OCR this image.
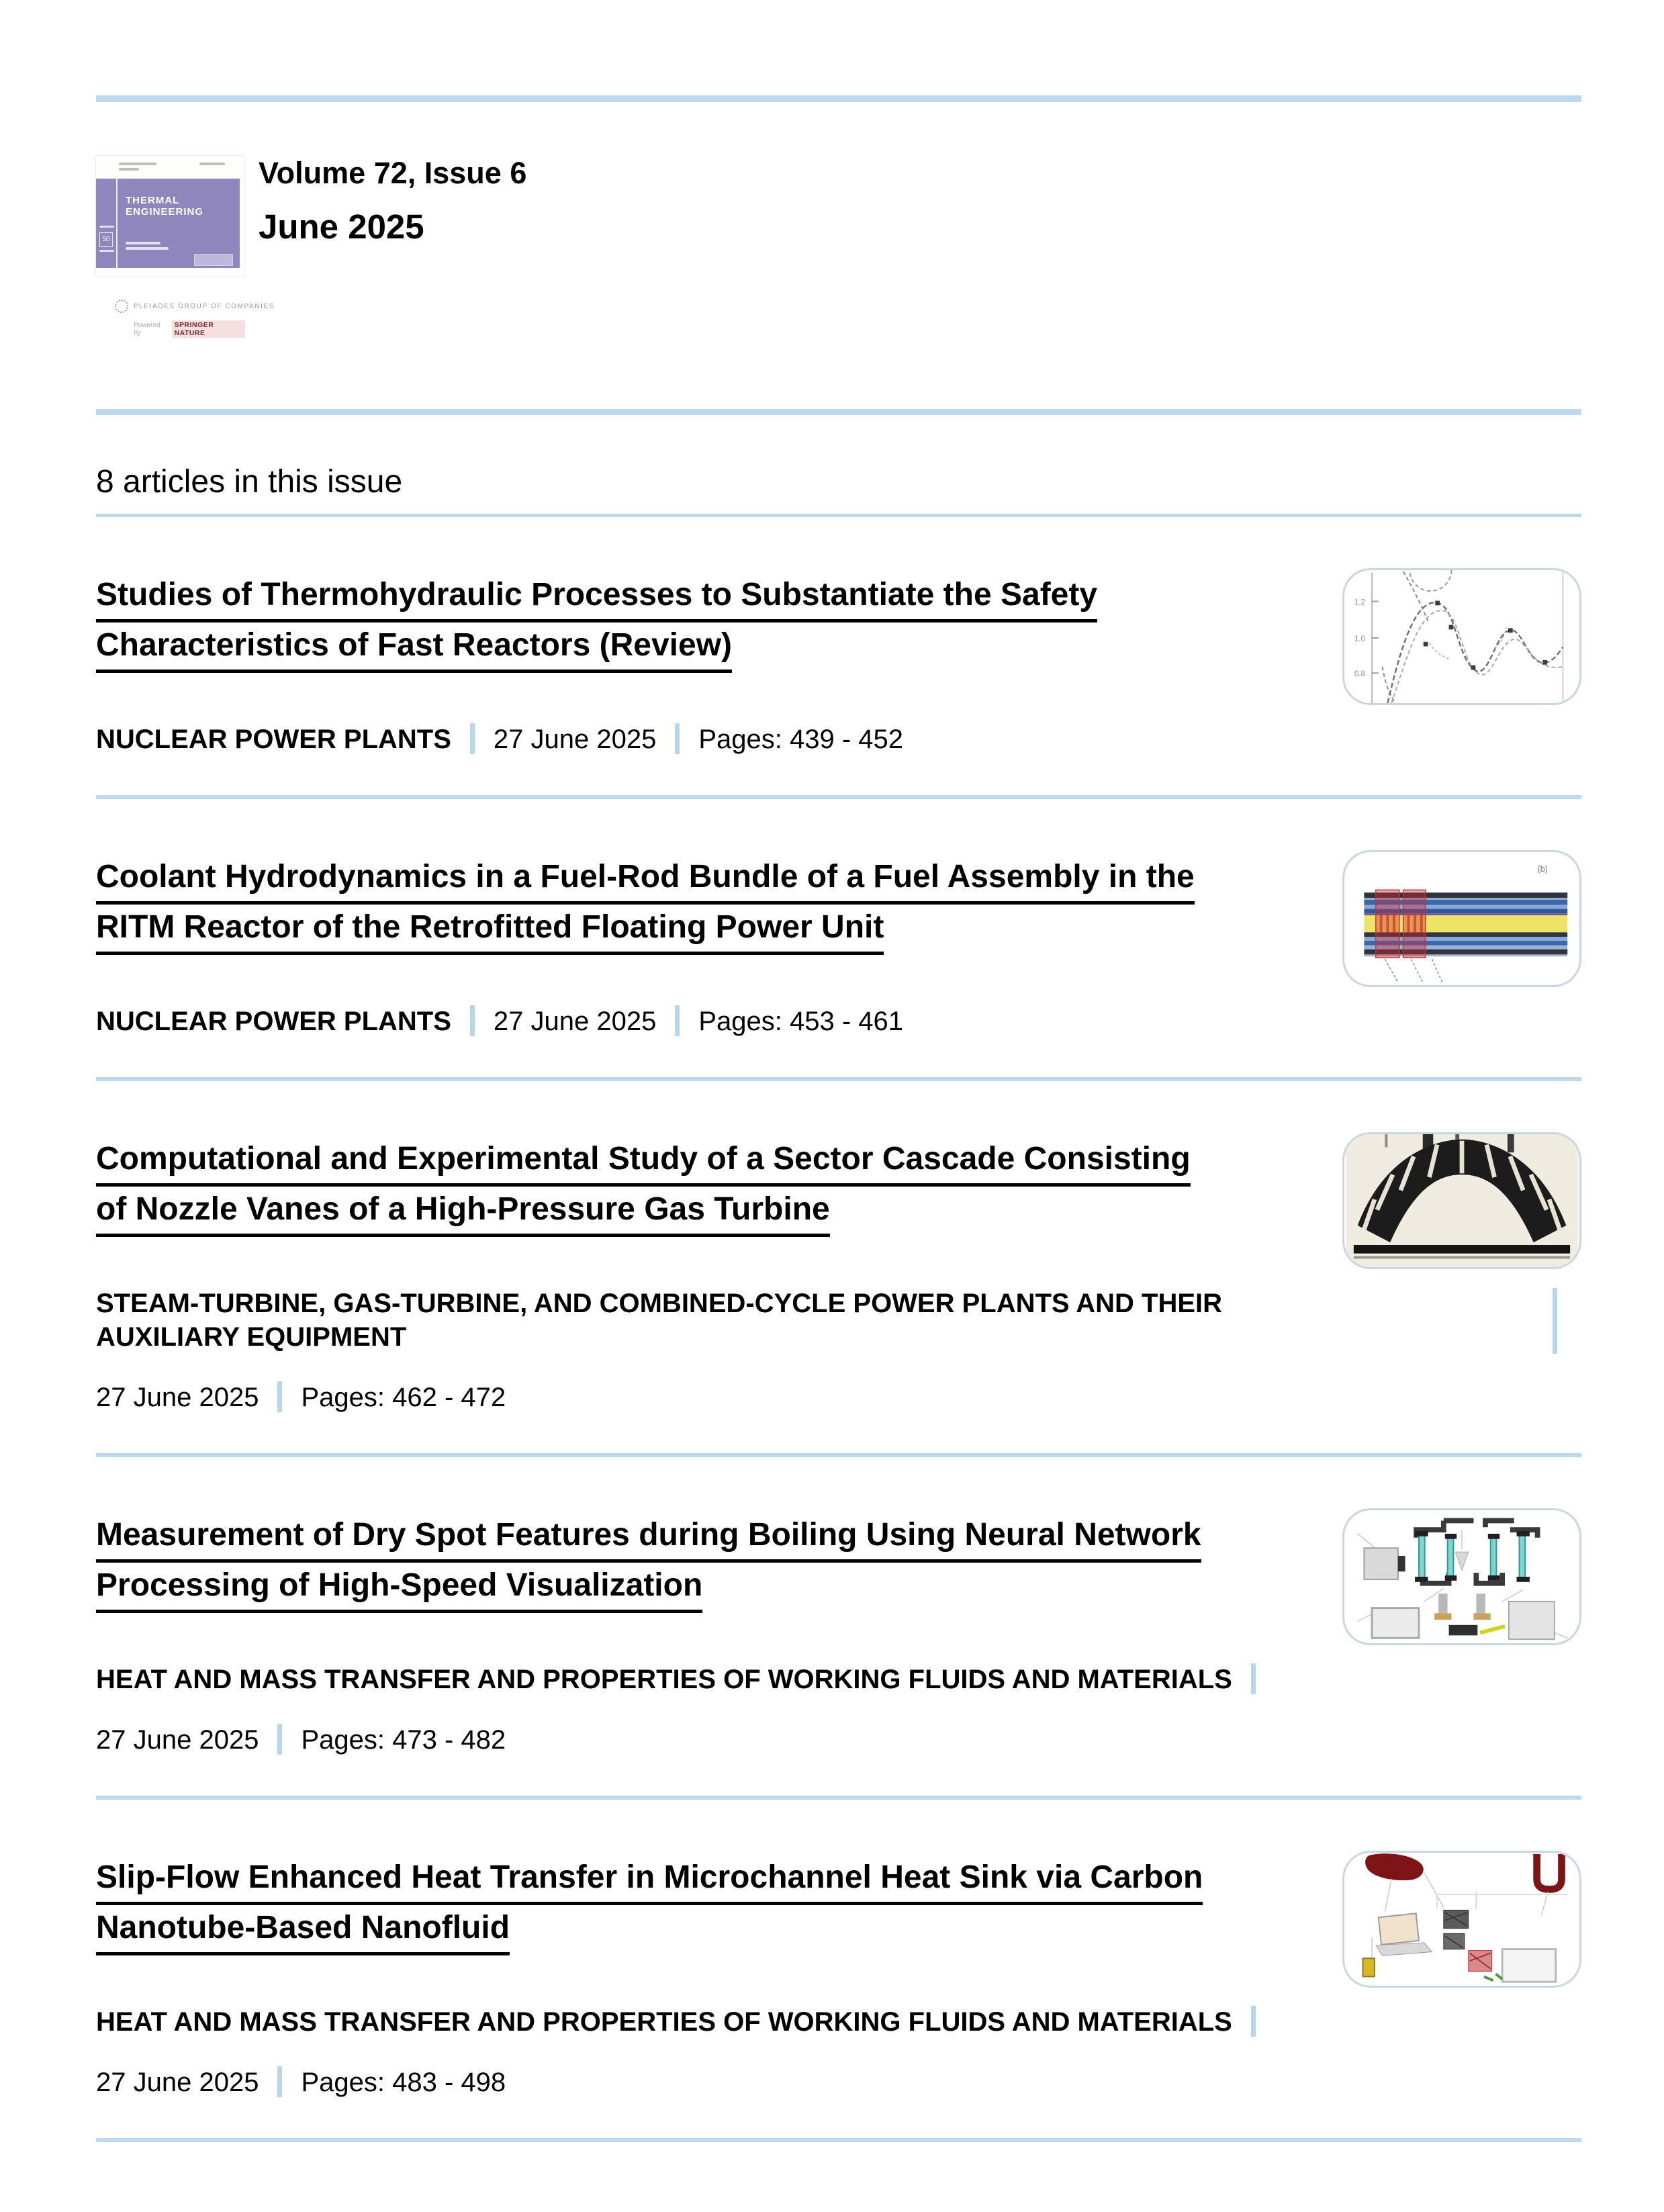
THERMAL ENGINEERING
50
PLEIADES GROUP OF COMPANIES
Powered by
SPRINGER NATURE
Volume 72, Issue 6
June 2025
8 articles in this issue
1.2
1.0
0.8
Studies of Thermohydraulic Processes to Substantiate the Safety
Characteristics of Fast Reactors (Review)
NUCLEAR POWER PLANTS 27 June 2025 Pages: 439 - 452
(b)
Coolant Hydrodynamics in a Fuel-Rod Bundle of a Fuel Assembly in the
RITM Reactor of the Retrofitted Floating Power Unit
NUCLEAR POWER PLANTS 27 June 2025 Pages: 453 - 461
Computational and Experimental Study of a Sector Cascade Consisting
of Nozzle Vanes of a High-Pressure Gas Turbine
STEAM-TURBINE, GAS-TURBINE, AND COMBINED-CYCLE POWER PLANTS AND THEIR AUXILIARY EQUIPMENT
27 June 2025 Pages: 462 - 472
Measurement of Dry Spot Features during Boiling Using Neural Network
Processing of High-Speed Visualization
HEAT AND MASS TRANSFER AND PROPERTIES OF WORKING FLUIDS AND MATERIALS
27 June 2025 Pages: 473 - 482
Slip-Flow Enhanced Heat Transfer in Microchannel Heat Sink via Carbon
Nanotube-Based Nanofluid
HEAT AND MASS TRANSFER AND PROPERTIES OF WORKING FLUIDS AND MATERIALS
27 June 2025 Pages: 483 - 498
